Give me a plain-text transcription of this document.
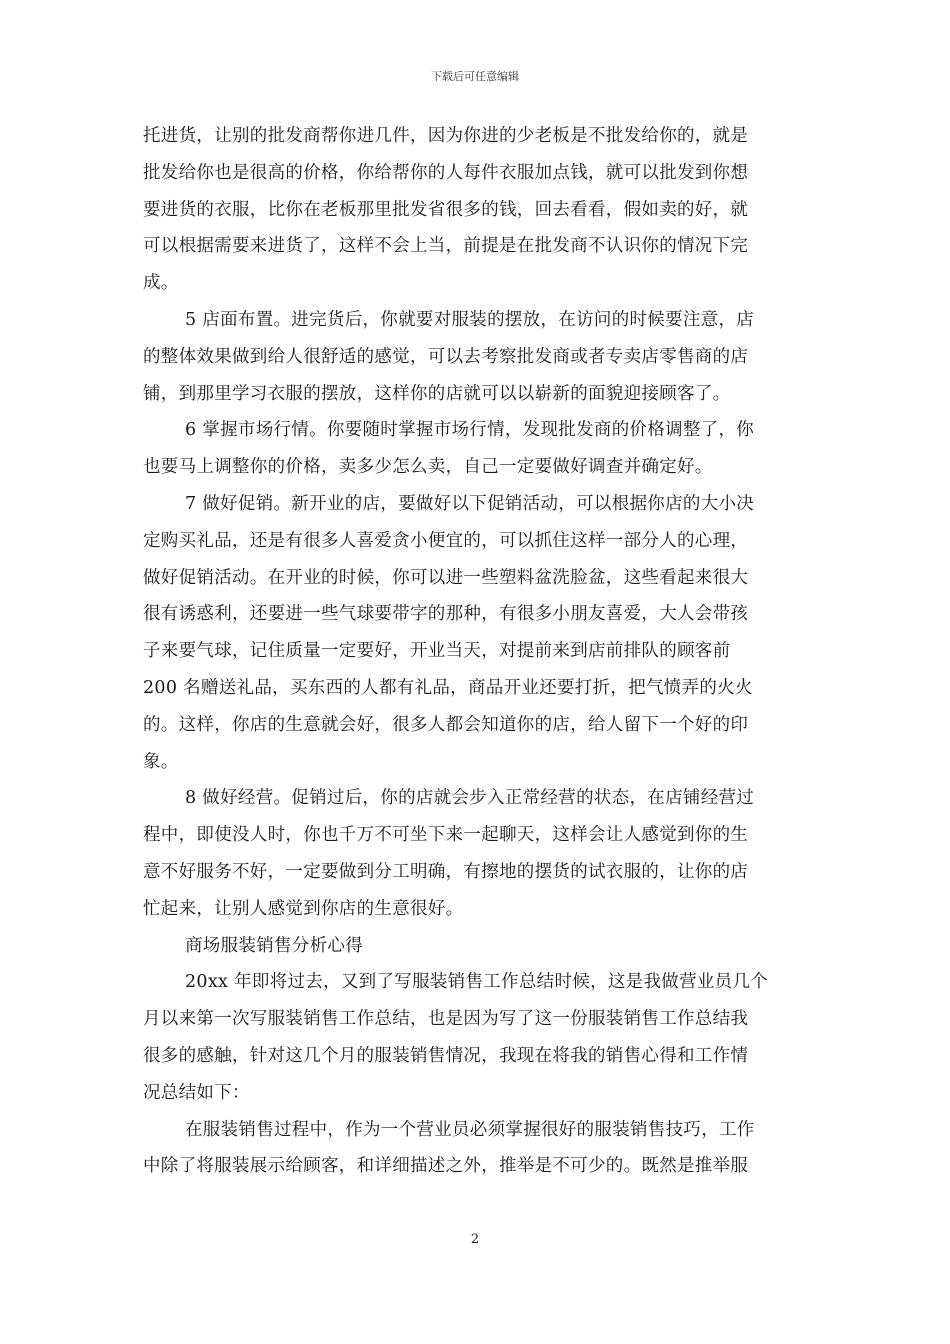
下载后可任意编辑

托进货，让别的批发商帮你进几件，因为你进的少老板是不批发给你的，就是
批发给你也是很高的价格，你给帮你的人每件衣服加点钱，就可以批发到你想
要进货的衣服，比你在老板那里批发省很多的钱，回去看看，假如卖的好，就
可以根据需要来进货了，这样不会上当，前提是在批发商不认识你的情况下完
成。

5 店面布置。进完货后，你就要对服装的摆放，在访问的时候要注意，店
的整体效果做到给人很舒适的感觉，可以去考察批发商或者专卖店零售商的店
铺，到那里学习衣服的摆放，这样你的店就可以以崭新的面貌迎接顾客了。

6 掌握市场行情。你要随时掌握市场行情，发现批发商的价格调整了，你
也要马上调整你的价格，卖多少怎么卖，自己一定要做好调查并确定好。

7 做好促销。新开业的店，要做好以下促销活动，可以根据你店的大小决
定购买礼品，还是有很多人喜爱贪小便宜的，可以抓住这样一部分人的心理，
做好促销活动。在开业的时候，你可以进一些塑料盆洗脸盆，这些看起来很大
很有诱惑利，还要进一些气球要带字的那种，有很多小朋友喜爱，大人会带孩
子来要气球，记住质量一定要好，开业当天，对提前来到店前排队的顾客前
200 名赠送礼品，买东西的人都有礼品，商品开业还要打折，把气愤弄的火火
的。这样，你店的生意就会好，很多人都会知道你的店，给人留下一个好的印
象。

8 做好经营。促销过后，你的店就会步入正常经营的状态，在店铺经营过
程中，即使没人时，你也千万不可坐下来一起聊天，这样会让人感觉到你的生
意不好服务不好，一定要做到分工明确，有擦地的摆货的试衣服的，让你的店
忙起来，让别人感觉到你店的生意很好。

商场服装销售分析心得

20xx 年即将过去，又到了写服装销售工作总结时候，这是我做营业员几个
月以来第一次写服装销售工作总结，也是因为写了这一份服装销售工作总结我
很多的感触，针对这几个月的服装销售情况，我现在将我的销售心得和工作情
况总结如下：

在服装销售过程中，作为一个营业员必须掌握很好的服装销售技巧，工作
中除了将服装展示给顾客，和详细描述之外，推举是不可少的。既然是推举服

2
